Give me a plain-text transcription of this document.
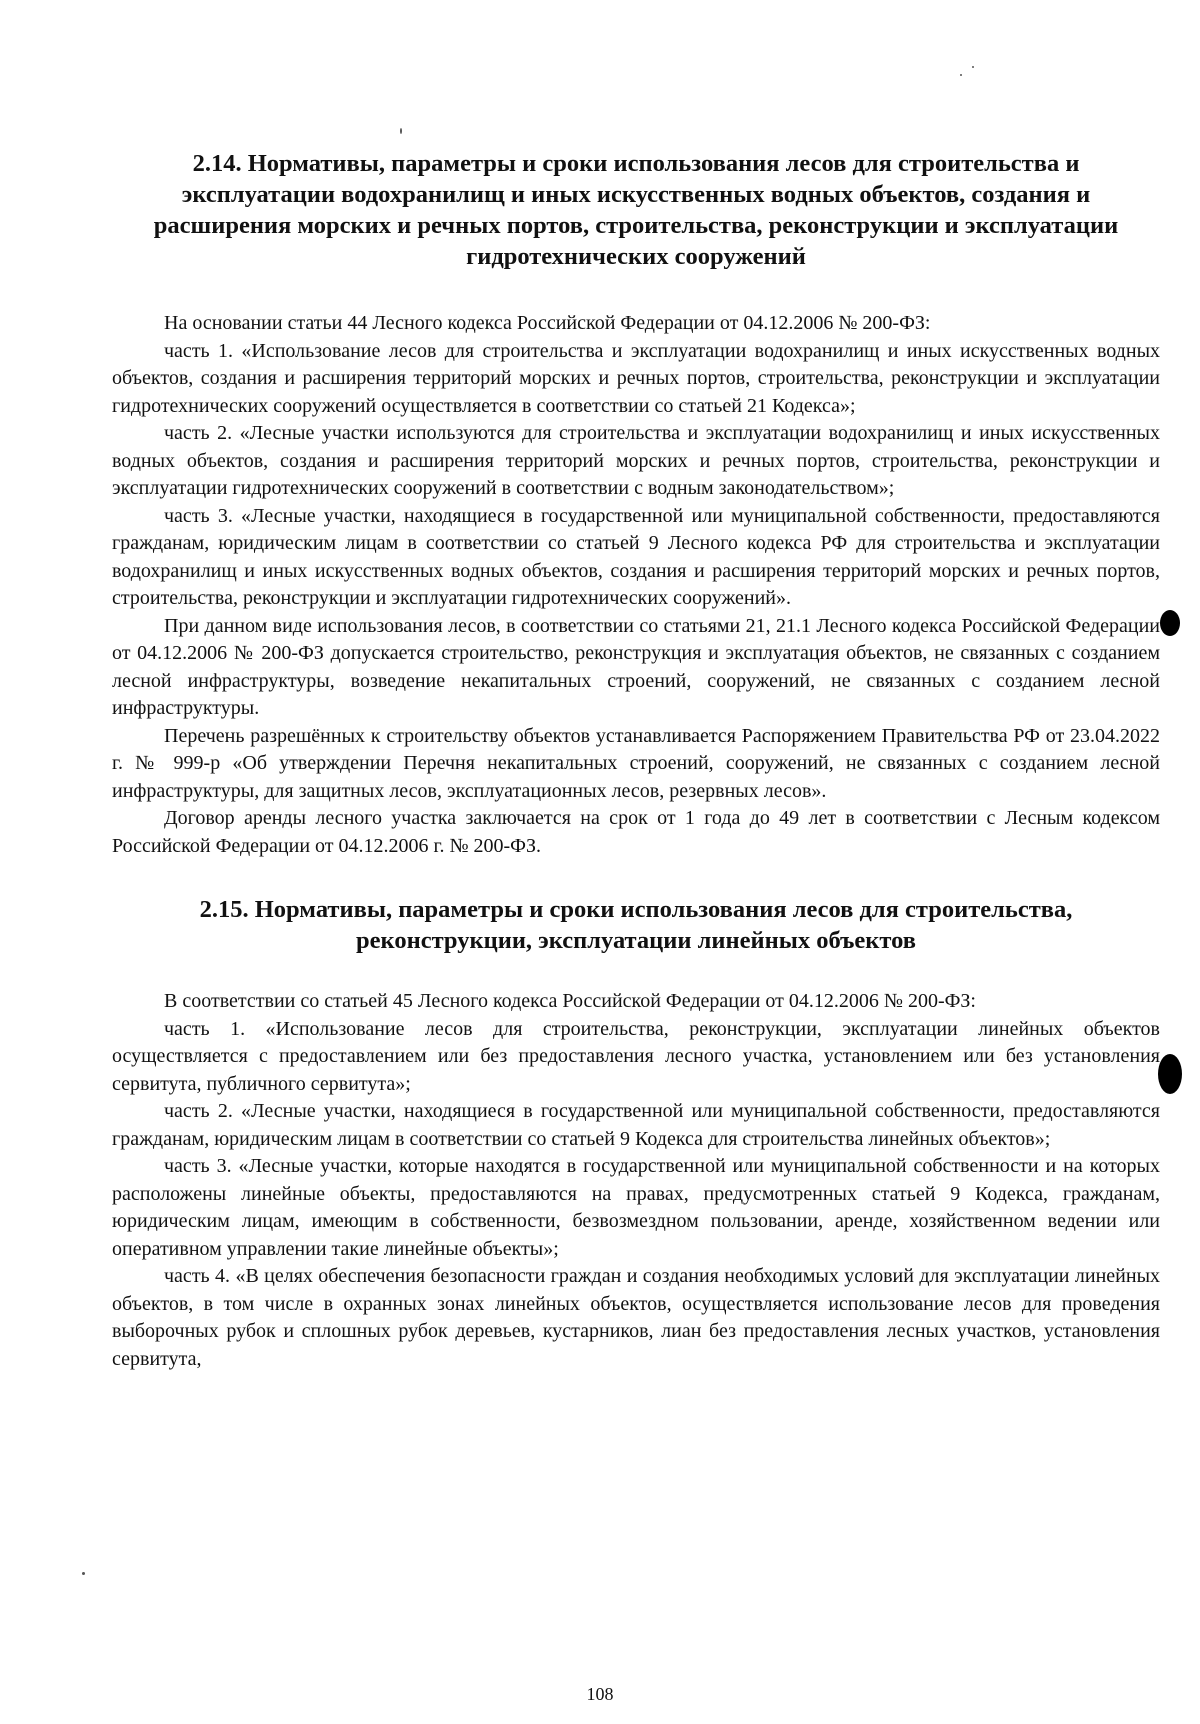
2.14. Нормативы, параметры и сроки использования лесов для строительства и эксплуатации водохранилищ и иных искусственных водных объектов, создания и расширения морских и речных портов, строительства, реконструкции и эксплуатации гидротехнических сооружений

На основании статьи 44 Лесного кодекса Российской Федерации от 04.12.2006 № 200-ФЗ:

часть 1. «Использование лесов для строительства и эксплуатации водохранилищ и иных искусственных водных объектов, создания и расширения территорий морских и речных портов, строительства, реконструкции и эксплуатации гидротехнических сооружений осуществляется в соответствии со статьей 21 Кодекса»;

часть 2. «Лесные участки используются для строительства и эксплуатации водохранилищ и иных искусственных водных объектов, создания и расширения территорий морских и речных портов, строительства, реконструкции и эксплуатации гидротехнических сооружений в соответствии с водным законодательством»;

часть 3. «Лесные участки, находящиеся в государственной или муниципальной собственности, предоставляются гражданам, юридическим лицам в соответствии со статьей 9 Лесного кодекса РФ для строительства и эксплуатации водохранилищ и иных искусственных водных объектов, создания и расширения территорий морских и речных портов, строительства, реконструкции и эксплуатации гидротехнических сооружений».

При данном виде использования лесов, в соответствии со статьями 21, 21.1 Лесного кодекса Российской Федерации от 04.12.2006 № 200-ФЗ допускается строительство, реконструкция и эксплуатация объектов, не связанных с созданием лесной инфраструктуры, возведение некапитальных строений, сооружений, не связанных с созданием лесной инфраструктуры.

Перечень разрешённых к строительству объектов устанавливается Распоряжением Правительства РФ от 23.04.2022 г. № 999-р «Об утверждении Перечня некапитальных строений, сооружений, не связанных с созданием лесной инфраструктуры, для защитных лесов, эксплуатационных лесов, резервных лесов».

Договор аренды лесного участка заключается на срок от 1 года до 49 лет в соответствии с Лесным кодексом Российской Федерации от 04.12.2006 г. № 200-ФЗ.

2.15. Нормативы, параметры и сроки использования лесов для строительства, реконструкции, эксплуатации линейных объектов

В соответствии со статьей 45 Лесного кодекса Российской Федерации от 04.12.2006 № 200-ФЗ:

часть 1. «Использование лесов для строительства, реконструкции, эксплуатации линейных объектов осуществляется с предоставлением или без предоставления лесного участка, установлением или без установления сервитута, публичного сервитута»;

часть 2. «Лесные участки, находящиеся в государственной или муниципальной собственности, предоставляются гражданам, юридическим лицам в соответствии со статьей 9 Кодекса для строительства линейных объектов»;

часть 3. «Лесные участки, которые находятся в государственной или муниципальной собственности и на которых расположены линейные объекты, предоставляются на правах, предусмотренных статьей 9 Кодекса, гражданам, юридическим лицам, имеющим в собственности, безвозмездном пользовании, аренде, хозяйственном ведении или оперативном управлении такие линейные объекты»;

часть 4. «В целях обеспечения безопасности граждан и создания необходимых условий для эксплуатации линейных объектов, в том числе в охранных зонах линейных объектов, осуществляется использование лесов для проведения выборочных рубок и сплошных рубок деревьев, кустарников, лиан без предоставления лесных участков, установления сервитута,

108
